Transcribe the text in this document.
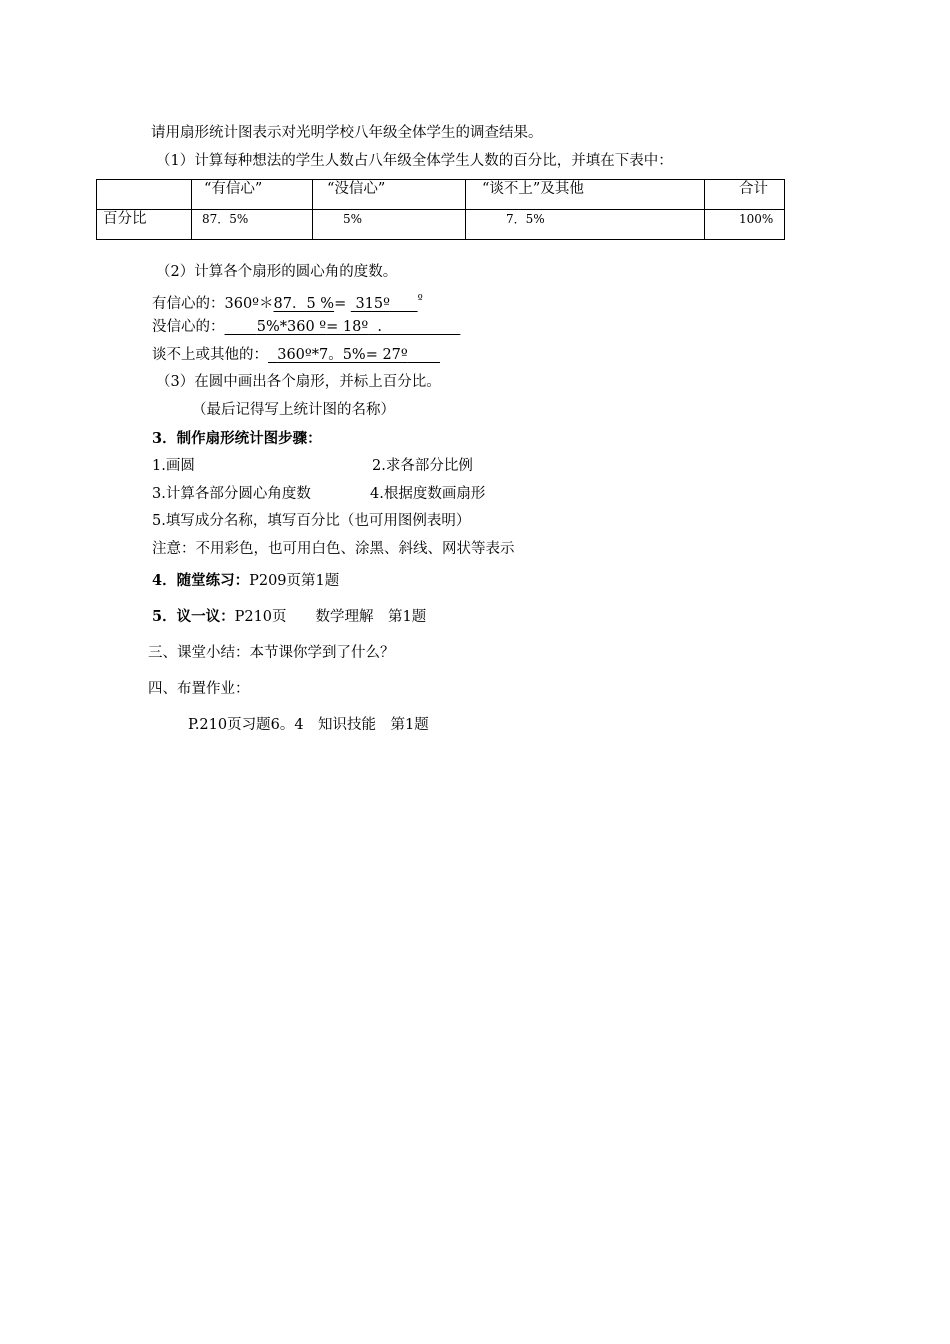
请用扇形统计图表示对光明学校八年级全体学生的调查结果。
（1）计算每种想法的学生人数占八年级全体学生人数的百分比，并填在下表中：
	“有信心”	“没信心”	“谈不上”及其他	合计
百分比	87．5%	5%	7．5%	100%
（2）计算各个扇形的圆心角的度数。
有信心的：360º＊87．5 %=  315º	$^º$
没信心的： 5%*360 º= 18º  .
谈不上或其他的： 360º*7。5%= 27º
（3）在圆中画出各个扇形，并标上百分比。
（最后记得写上统计图的名称）
3．制作扇形统计图步骤：
1.画圆	2.求各部分比例
3.计算各部分圆心角度数	4.根据度数画扇形
5.填写成分名称，填写百分比（也可用图例表明）
注意：不用彩色，也可用白色、涂黑、斜线、网状等表示
4．随堂练习：P209页第1题
5．议一议：P210页　　数学理解　第1题
三、课堂小结：本节课你学到了什么？
四、布置作业：
P.210页习题6。4　知识技能　第1题
